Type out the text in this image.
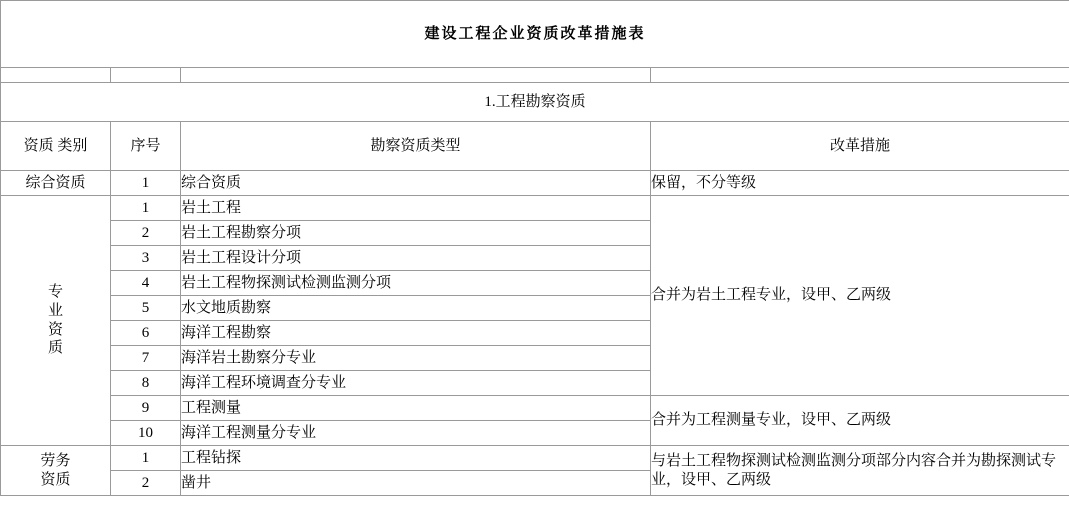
建设工程企业资质改革措施表			

1.工程勘察资质			
资质 类别	序号	勘察资质类型	改革措施
综合资质	1	综合资质	保留，不分等级

专
业
资
质	1	岩土工程	合并为岩土工程专业，设甲、乙两级
	2	岩土工程勘察分项	
	3	岩土工程设计分项	
	4	岩土工程物探测试检测监测分项	
	5	水文地质勘察	
	6	海洋工程勘察	
	7	海洋岩土勘察分专业	
	8	海洋工程环境调查分专业	
	9	工程测量	合并为工程测量专业，设甲、乙两级
	10	海洋工程测量分专业	

劳务
资质	1	工程钻探	与岩土工程物探测试检测监测分项部分内容合并为勘探测试专业，设甲、乙两级
	2	凿井	
